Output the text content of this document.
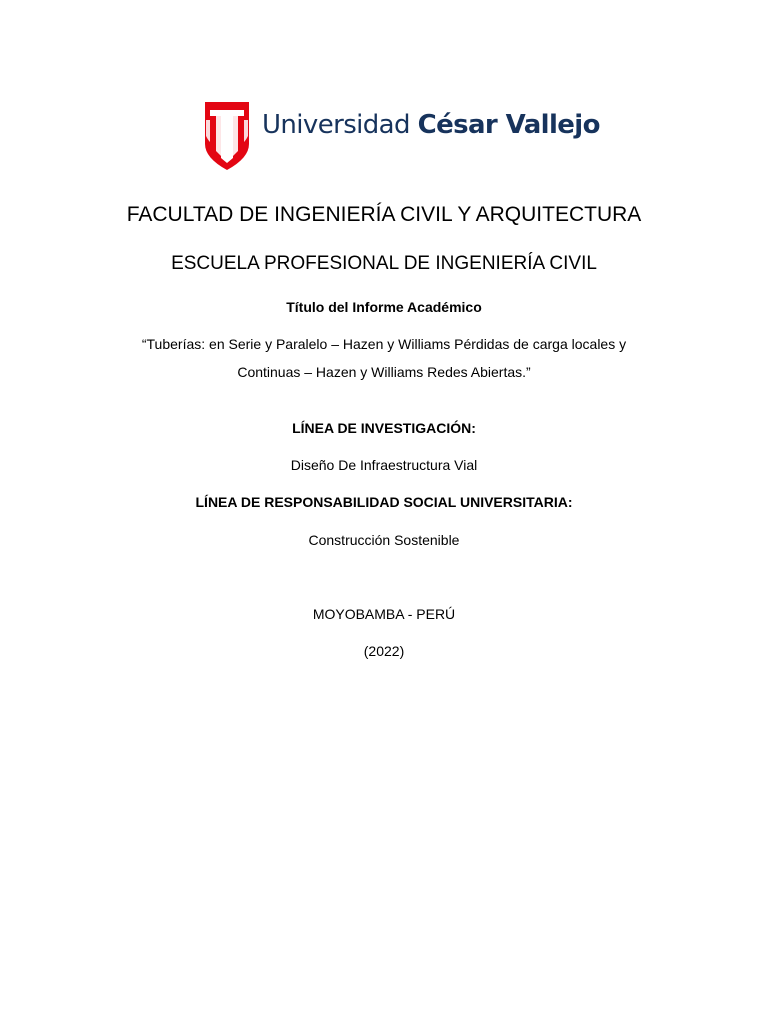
Universidad César Vallejo
FACULTAD DE INGENIERÍA CIVIL Y ARQUITECTURA
ESCUELA PROFESIONAL DE INGENIERÍA CIVIL
Título del Informe Académico
“Tuberías: en Serie y Paralelo – Hazen y Williams Pérdidas de carga locales y
Continuas – Hazen y Williams Redes Abiertas.”
LÍNEA DE INVESTIGACIÓN:
Diseño De Infraestructura Vial
LÍNEA DE RESPONSABILIDAD SOCIAL UNIVERSITARIA:
Construcción Sostenible
MOYOBAMBA - PERÚ
(2022)
